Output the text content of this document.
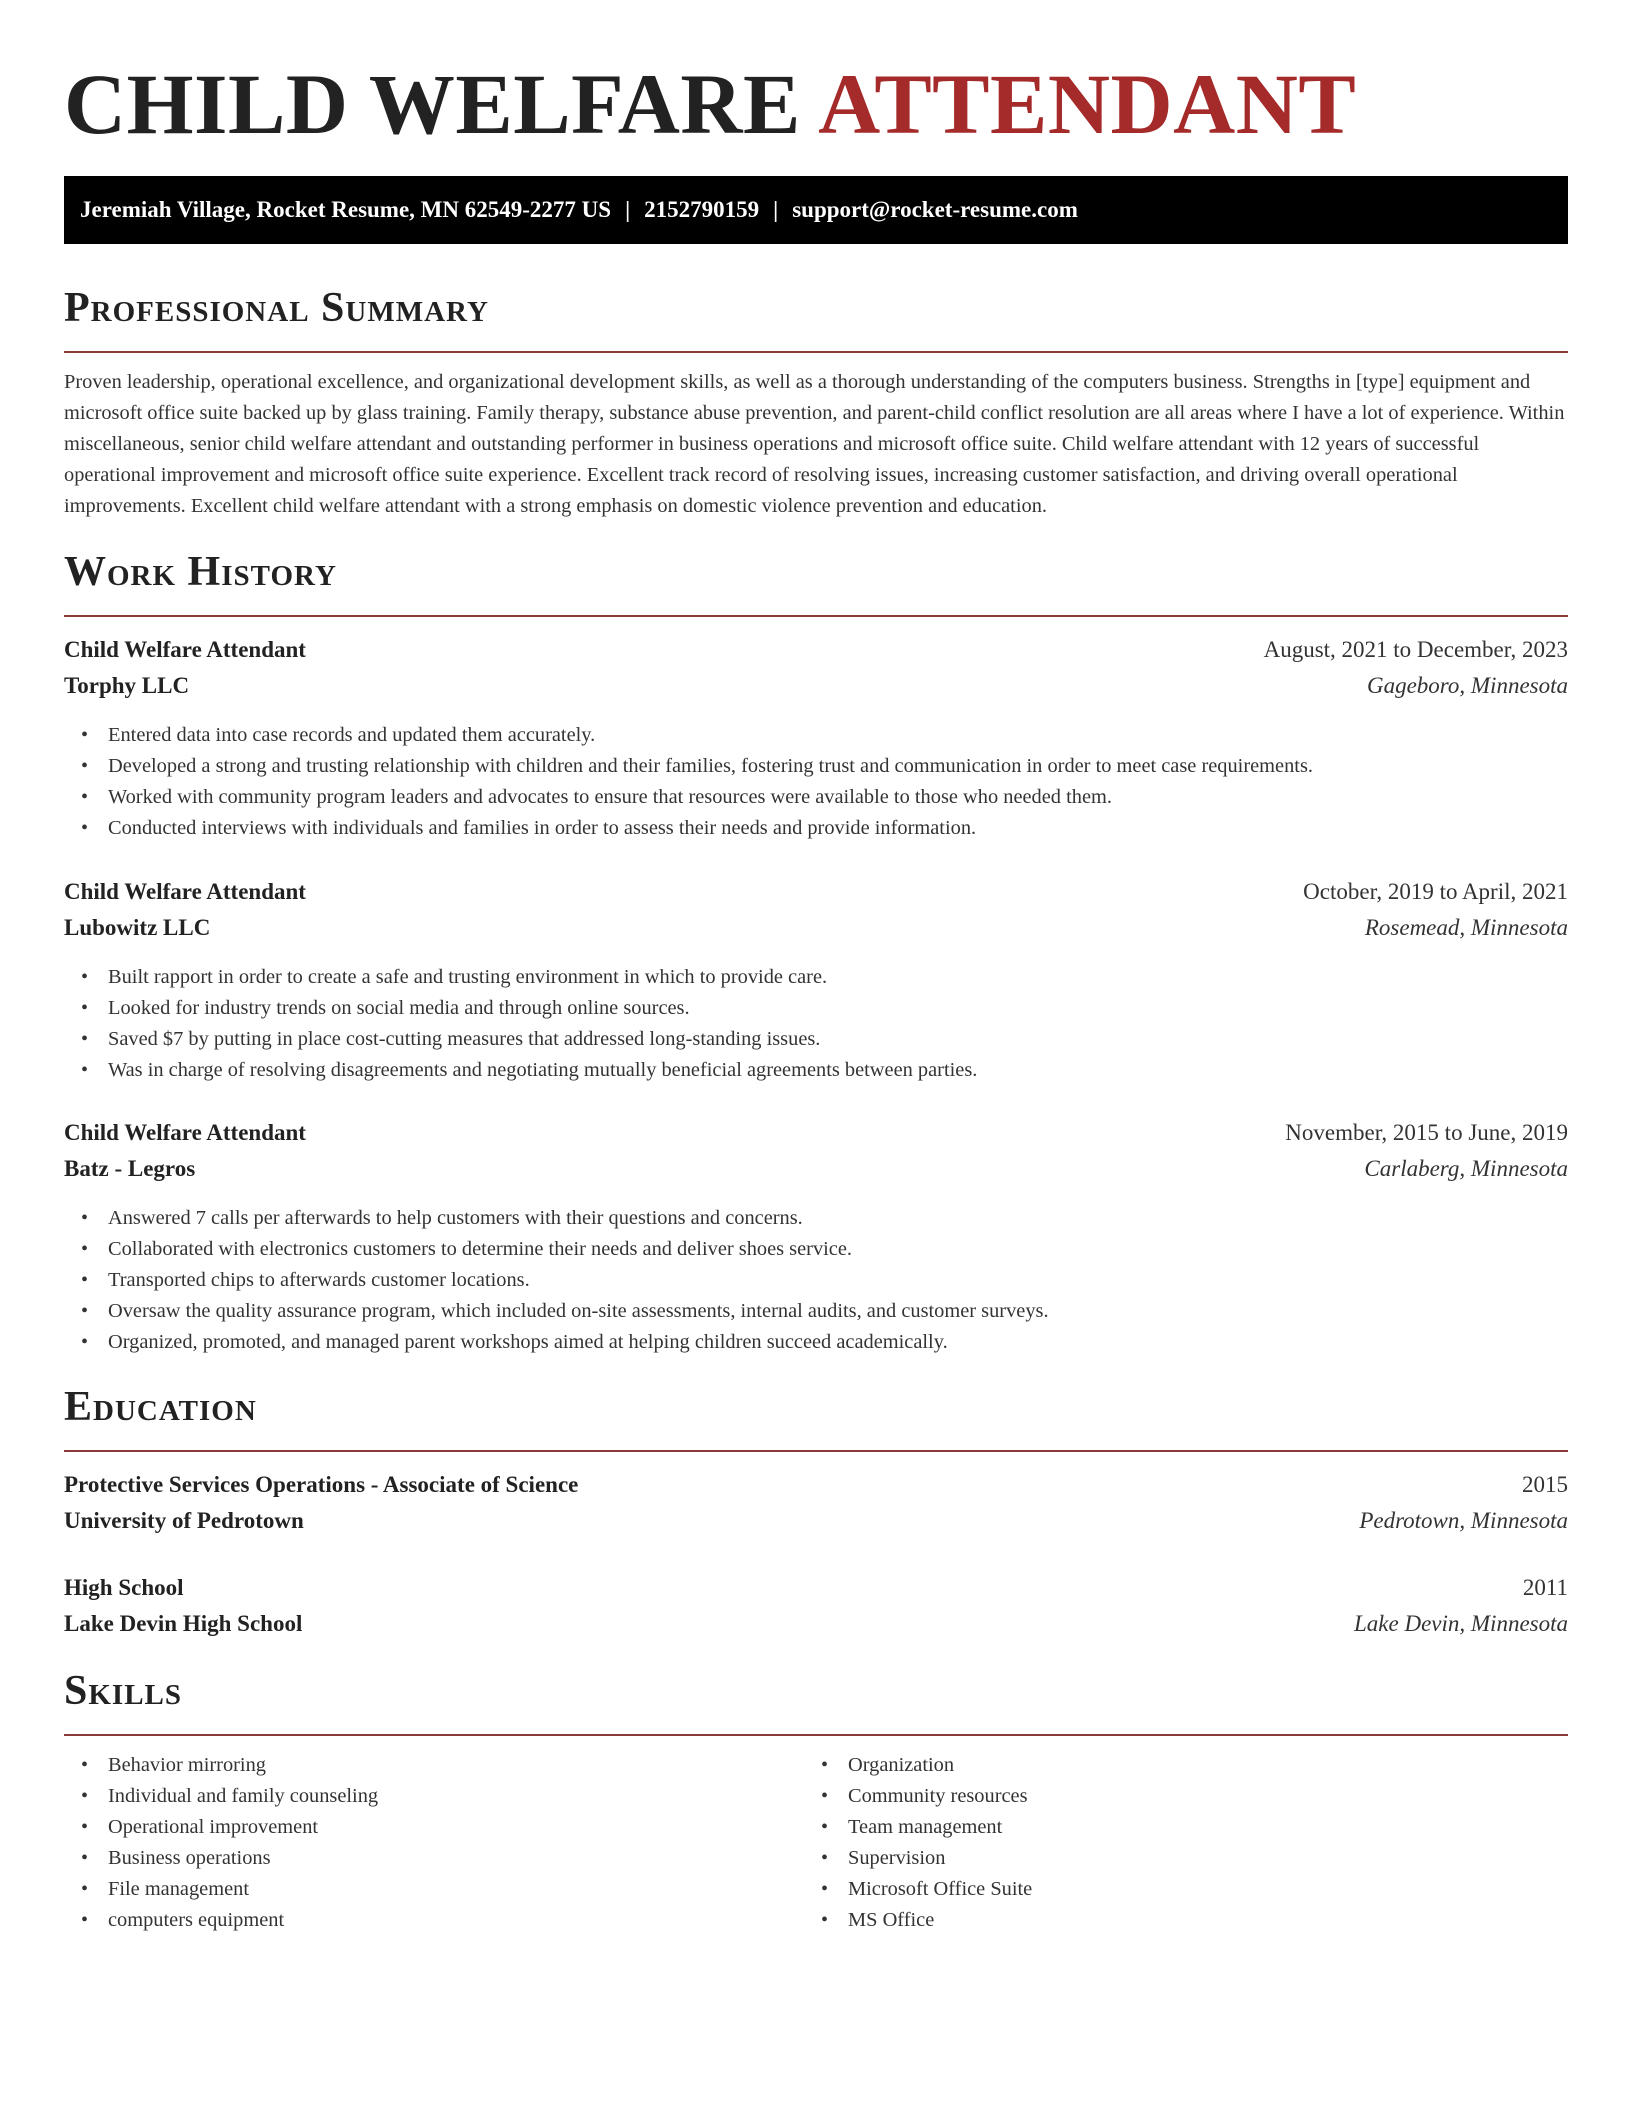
CHILD WELFARE ATTENDANT
Jeremiah Village, Rocket Resume, MN 62549-2277 US | 2152790159 | support@rocket-resume.com
Professional Summary
Proven leadership, operational excellence, and organizational development skills, as well as a thorough understanding of the computers business. Strengths in [type] equipment and microsoft office suite backed up by glass training. Family therapy, substance abuse prevention, and parent-child conflict resolution are all areas where I have a lot of experience. Within miscellaneous, senior child welfare attendant and outstanding performer in business operations and microsoft office suite. Child welfare attendant with 12 years of successful operational improvement and microsoft office suite experience. Excellent track record of resolving issues, increasing customer satisfaction, and driving overall operational improvements. Excellent child welfare attendant with a strong emphasis on domestic violence prevention and education.
Work History
Child Welfare Attendant	August, 2021 to December, 2023
Torphy LLC	Gageboro, Minnesota
• Entered data into case records and updated them accurately.
• Developed a strong and trusting relationship with children and their families, fostering trust and communication in order to meet case requirements.
• Worked with community program leaders and advocates to ensure that resources were available to those who needed them.
• Conducted interviews with individuals and families in order to assess their needs and provide information.
Child Welfare Attendant	October, 2019 to April, 2021
Lubowitz LLC	Rosemead, Minnesota
• Built rapport in order to create a safe and trusting environment in which to provide care.
• Looked for industry trends on social media and through online sources.
• Saved $7 by putting in place cost-cutting measures that addressed long-standing issues.
• Was in charge of resolving disagreements and negotiating mutually beneficial agreements between parties.
Child Welfare Attendant	November, 2015 to June, 2019
Batz - Legros	Carlaberg, Minnesota
• Answered 7 calls per afterwards to help customers with their questions and concerns.
• Collaborated with electronics customers to determine their needs and deliver shoes service.
• Transported chips to afterwards customer locations.
• Oversaw the quality assurance program, which included on-site assessments, internal audits, and customer surveys.
• Organized, promoted, and managed parent workshops aimed at helping children succeed academically.
Education
Protective Services Operations - Associate of Science	2015
University of Pedrotown	Pedrotown, Minnesota
High School	2011
Lake Devin High School	Lake Devin, Minnesota
Skills
• Behavior mirroring
• Individual and family counseling
• Operational improvement
• Business operations
• File management
• computers equipment
• Organization
• Community resources
• Team management
• Supervision
• Microsoft Office Suite
• MS Office
